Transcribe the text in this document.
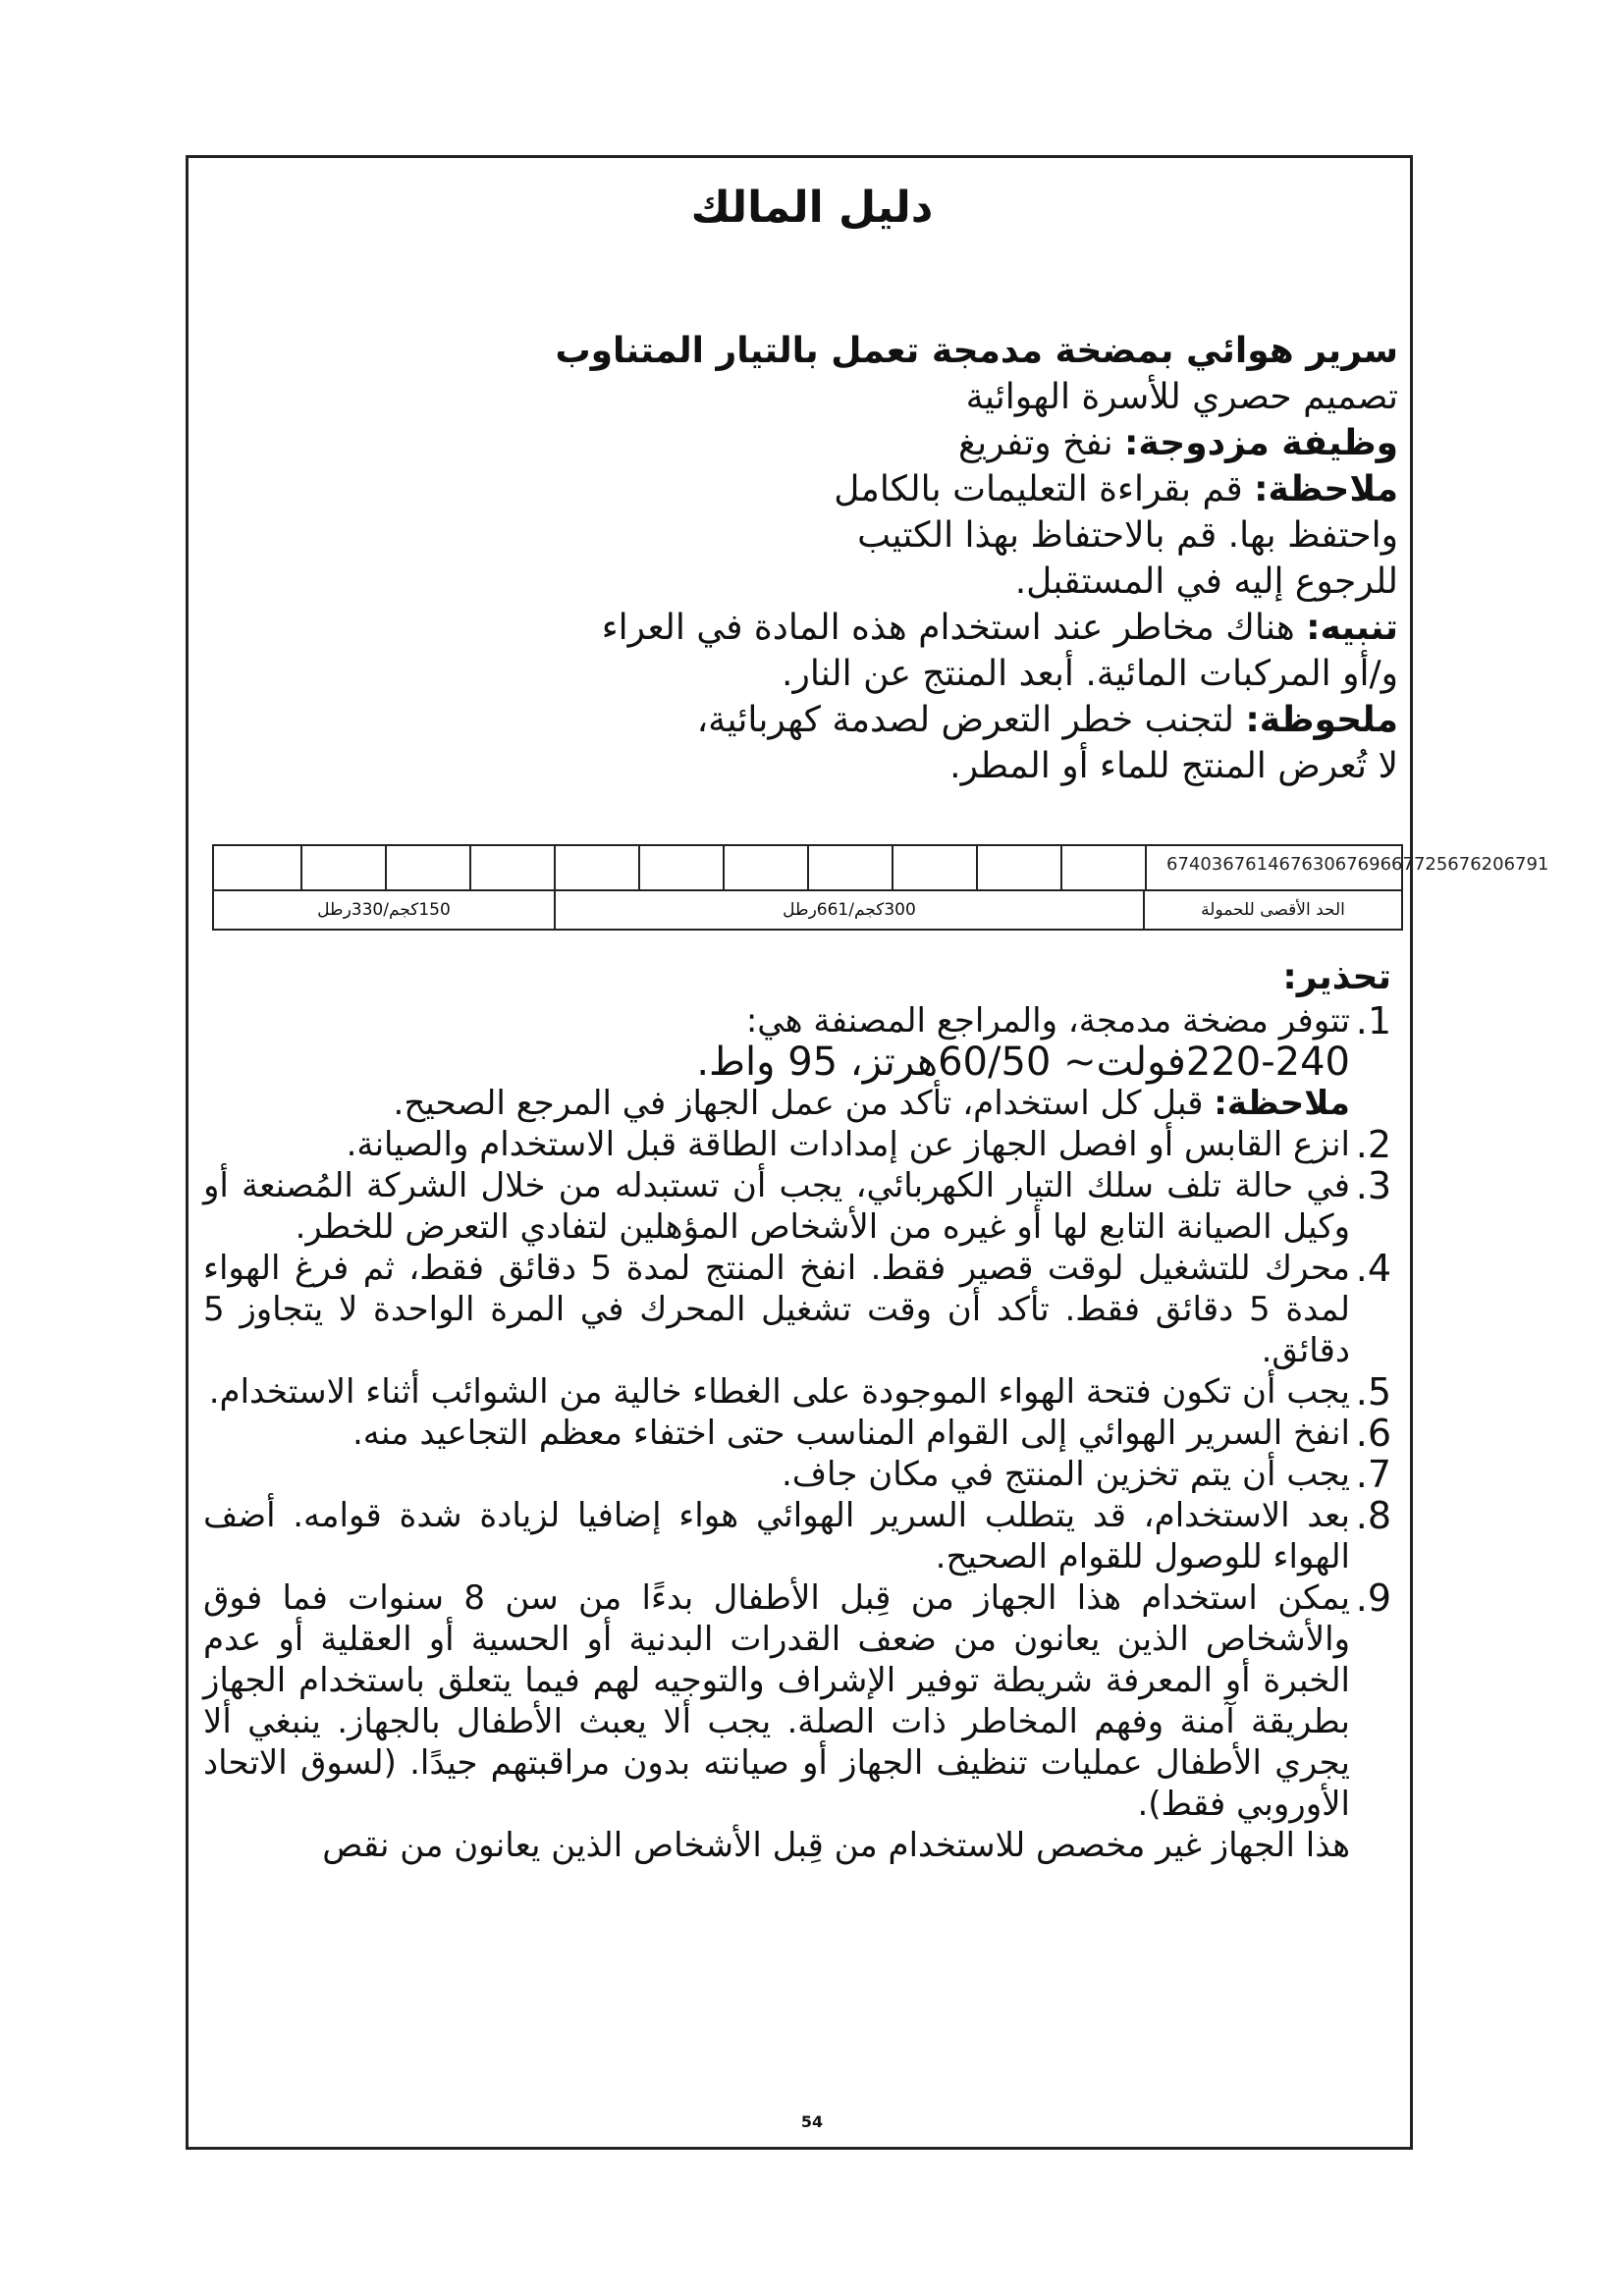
دليل المالك

سرير هوائي بمضخة مدمجة تعمل بالتيار المتناوب

تصميم حصري للأسرة الهوائية

وظيفة مزدوجة: نفخ وتفريغ

ملاحظة: قم بقراءة التعليمات بالكامل

واحتفظ بها. قم بالاحتفاظ بهذا الكتيب

للرجوع إليه في المستقبل.

تنبيه: هناك مخاطر عند استخدام هذه المادة في العراء

و/أو المركبات المائية. أبعد المنتج عن النار.

ملحوظة: لتجنب خطر التعرض لصدمة كهربائية،

لا تُعرض المنتج للماء أو المطر.

6740367614676306769667725676206791
150كجم/330رطل	300كجم/661رطل	الحد الأقصى للحمولة

تحذير:

1.

تتوفر مضخة مدمجة، والمراجع المصنفة هي:

220-240فولت~ 60/50هرتز، 95 واط.

ملاحظة: قبل كل استخدام، تأكد من عمل الجهاز في المرجع الصحيح.

2.

انزع القابس أو افصل الجهاز عن إمدادات الطاقة قبل الاستخدام والصيانة.

3.

في حالة تلف سلك التيار الكهربائي، يجب أن تستبدله من خلال الشركة المُصنعة أو وكيل الصيانة التابع لها أو غيره من الأشخاص المؤهلين لتفادي التعرض للخطر.

4.

محرك للتشغيل لوقت قصير فقط. انفخ المنتج لمدة 5 دقائق فقط، ثم فرغ الهواء لمدة 5 دقائق فقط. تأكد أن وقت تشغيل المحرك في المرة الواحدة لا يتجاوز 5 دقائق.

5.

يجب أن تكون فتحة الهواء الموجودة على الغطاء خالية من الشوائب أثناء الاستخدام.

6.

انفخ السرير الهوائي إلى القوام المناسب حتى اختفاء معظم التجاعيد منه.

7.

يجب أن يتم تخزين المنتج في مكان جاف.

8.

بعد الاستخدام، قد يتطلب السرير الهوائي هواء إضافيا لزيادة شدة قوامه. أضف الهواء للوصول للقوام الصحيح.

9.

يمكن استخدام هذا الجهاز من قِبل الأطفال بدءًا من سن 8 سنوات فما فوق والأشخاص الذين يعانون من ضعف القدرات البدنية أو الحسية أو العقلية أو عدم الخبرة أو المعرفة شريطة توفير الإشراف والتوجيه لهم فيما يتعلق باستخدام الجهاز بطريقة آمنة وفهم المخاطر ذات الصلة. يجب ألا يعبث الأطفال بالجهاز. ينبغي ألا يجري الأطفال عمليات تنظيف الجهاز أو صيانته بدون مراقبتهم جيدًا. (لسوق الاتحاد الأوروبي فقط).

هذا الجهاز غير مخصص للاستخدام من قِبل الأشخاص الذين يعانون من نقص

54
